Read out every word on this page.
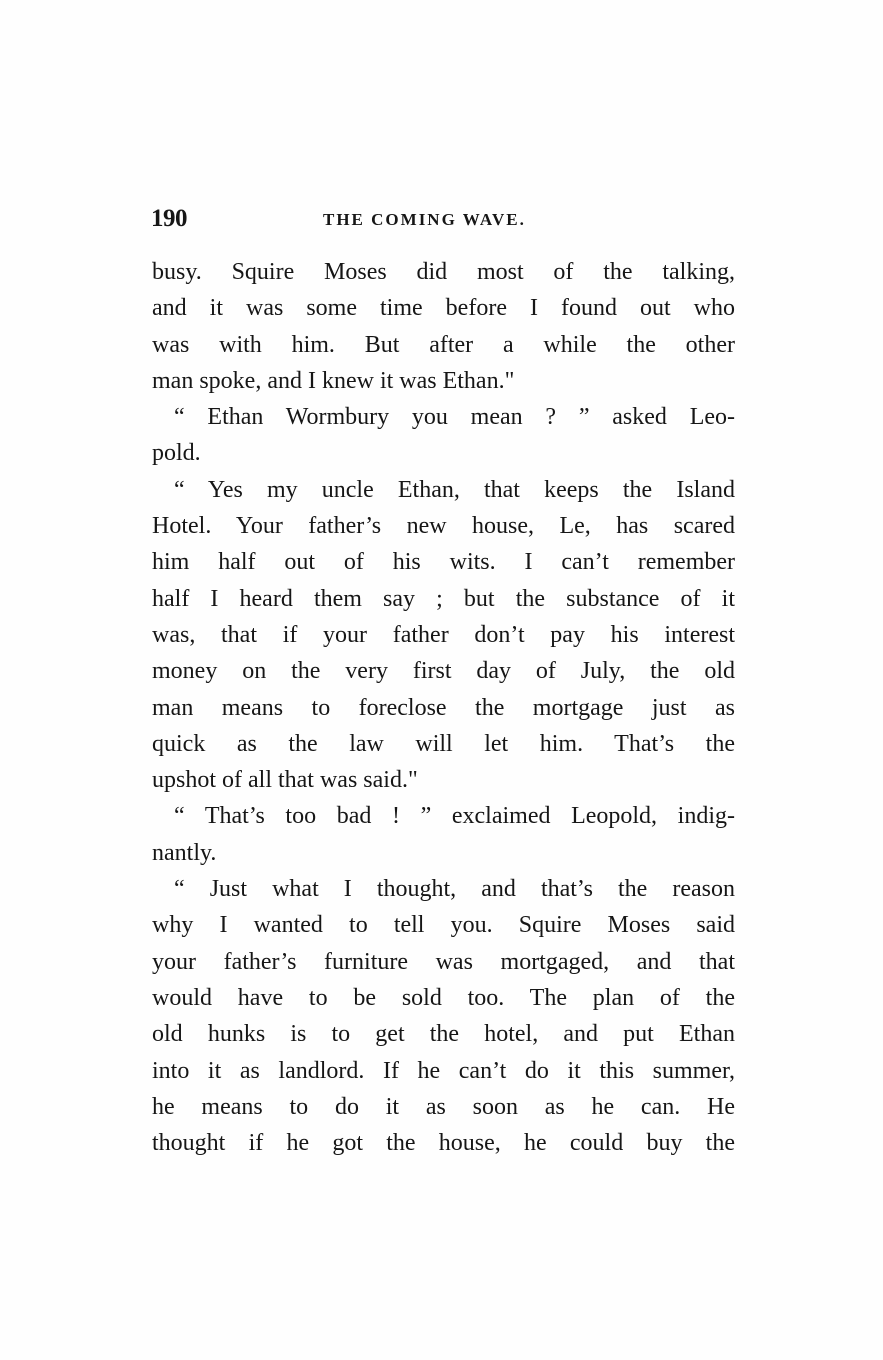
190	THE COMING WAVE.
busy. Squire Moses did most of the talking,
and it was some time before I found out who
was with him. But after a while the other
man spoke, and I knew it was Ethan."
“ Ethan Wormbury you mean ? ” asked Leo-
pold.
“ Yes my uncle Ethan, that keeps the Island
Hotel. Your father’s new house, Le, has scared
him half out of his wits. I can’t remember
half I heard them say ; but the substance of it
was, that if your father don’t pay his interest
money on the very first day of July, the old
man means to foreclose the mortgage just as
quick as the law will let him. That’s the
upshot of all that was said."
“ That’s too bad ! ” exclaimed Leopold, indig-
nantly.
“ Just what I thought, and that’s the reason
why I wanted to tell you. Squire Moses said
your father’s furniture was mortgaged, and that
would have to be sold too. The plan of the
old hunks is to get the hotel, and put Ethan
into it as landlord. If he can’t do it this summer,
he means to do it as soon as he can. He
thought if he got the house, he could buy the
